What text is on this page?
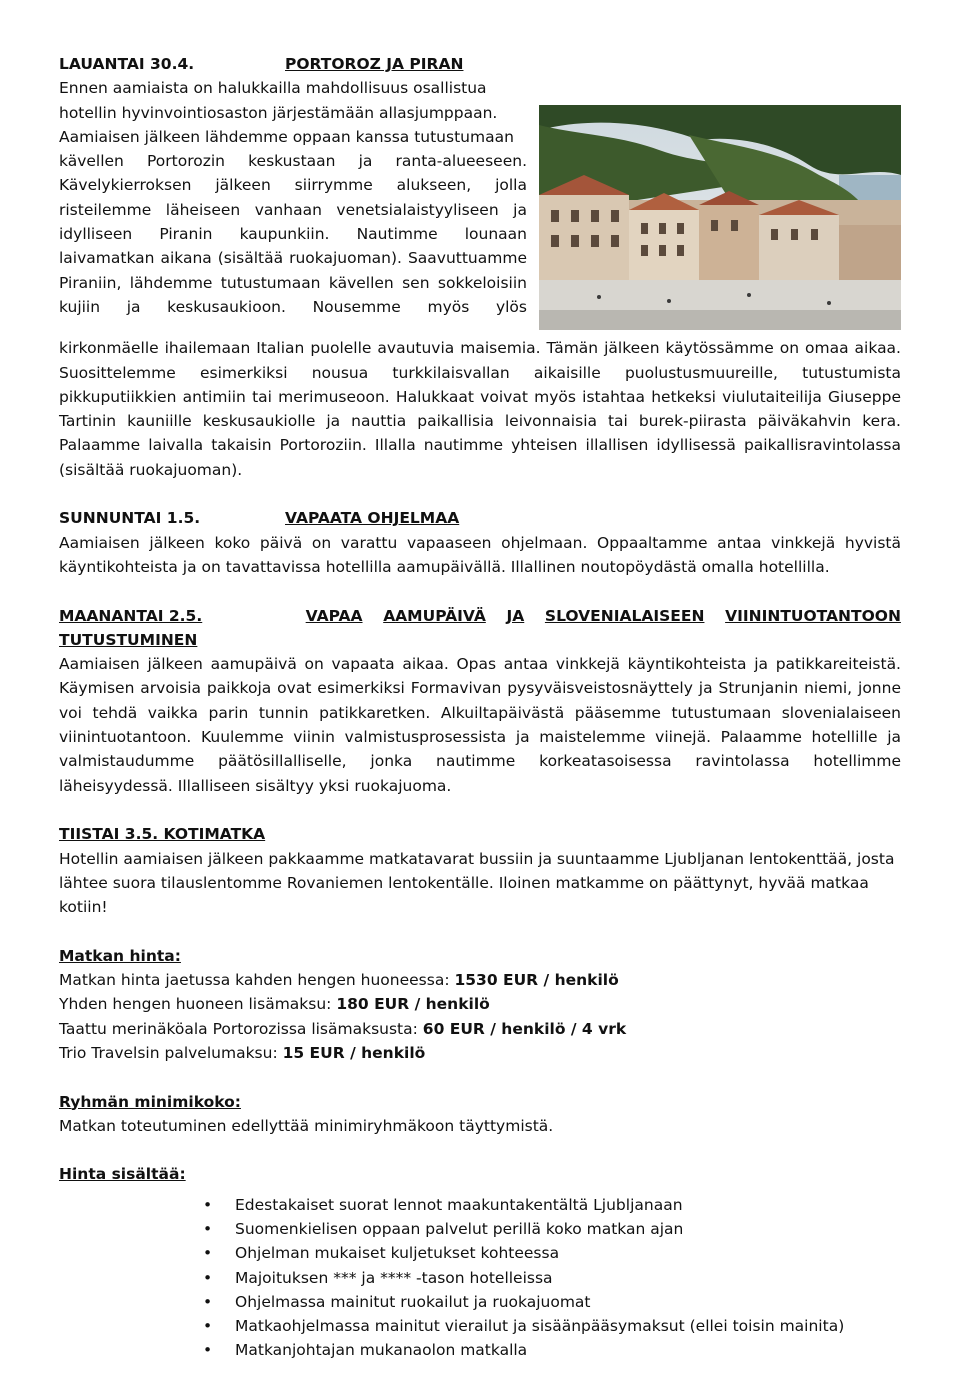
LAUANTAI 30.4.	PORTOROZ JA PIRAN

Ennen aamiaista on halukkailla mahdollisuus osallistua

hotellin hyvinvointiosaston järjestämään allasjumppaan.

Aamiaisen jälkeen lähdemme oppaan kanssa tutustumaan

kävellen Portorozin keskustaan ja ranta-alueeseen.

Kävelykierroksen jälkeen siirrymme alukseen, jolla

risteilemme läheiseen vanhaan venetsialaistyyliseen ja

idylliseen Piranin kaupunkiin. Nautimme lounaan

laivamatkan aikana (sisältää ruokajuoman). Saavuttuamme

Piraniin, lähdemme tutustumaan kävellen sen sokkeloisiin

kujiin ja keskusaukioon. Nousemme myös ylös

kirkonmäelle ihailemaan Italian puolelle avautuvia maisemia. Tämän jälkeen käytössämme on omaa aikaa. Suosittelemme esimerkiksi nousua turkkilaisvallan aikaisille puolustusmuureille, tutustumista pikkuputiikkien antimiin tai merimuseoon. Halukkaat voivat myös istahtaa hetkeksi viulutaiteilija Giuseppe Tartinin kauniille keskusaukiolle ja nauttia paikallisia leivonnaisia tai burek-piirasta päiväkahvin kera. Palaamme laivalla takaisin Portoroziin. Illalla nautimme yhteisen illallisen idyllisessä paikallisravintolassa (sisältää ruokajuoman).

SUNNUNTAI 1.5.	VAPAATA OHJELMAA

Aamiaisen jälkeen koko päivä on varattu vapaaseen ohjelmaan. Oppaaltamme antaa vinkkejä hyvistä käyntikohteista ja on tavattavissa hotellilla aamupäivällä. Illallinen noutopöydästä omalla hotellilla.

MAANANTAI 2.5.	VAPAA AAMUPÄIVÄ JA SLOVENIALAISEEN VIININTUOTANTOON
TUTUSTUMINEN

Aamiaisen jälkeen aamupäivä on vapaata aikaa. Opas antaa vinkkejä käyntikohteista ja patikkareiteistä. Käymisen arvoisia paikkoja ovat esimerkiksi Formavivan pysyväisveistosnäyttely ja Strunjanin niemi, jonne voi tehdä vaikka parin tunnin patikkaretken. Alkuiltapäivästä pääsemme tutustumaan slovenialaiseen viinintuotantoon. Kuulemme viinin valmistusprosessista ja maistelemme viinejä. Palaamme hotellille ja valmistaudumme päätösillalliselle, jonka nautimme korkeatasoisessa ravintolassa hotellimme läheisyydessä. Illalliseen sisältyy yksi ruokajuoma.

TIISTAI 3.5. KOTIMATKA

Hotellin aamiaisen jälkeen pakkaamme matkatavarat bussiin ja suuntaamme Ljubljanan lentokenttää, josta

lähtee suora tilauslentomme Rovaniemen lentokentälle. Iloinen matkamme on päättynyt, hyvää matkaa

kotiin!

Matkan hinta:

Matkan hinta jaetussa kahden hengen huoneessa: 1530 EUR / henkilö

Yhden hengen huoneen lisämaksu: 180 EUR / henkilö

Taattu merinäköala Portorozissa lisämaksusta: 60 EUR / henkilö / 4 vrk

Trio Travelsin palvelumaksu: 15 EUR / henkilö

Ryhmän minimikoko:

Matkan toteutuminen edellyttää minimiryhmäkoon täyttymistä.

Hinta sisältää:
• Edestakaiset suorat lennot maakuntakentältä Ljubljanaan
• Suomenkielisen oppaan palvelut perillä koko matkan ajan
• Ohjelman mukaiset kuljetukset kohteessa
• Majoituksen *** ja **** -tason hotelleissa
• Ohjelmassa mainitut ruokailut ja ruokajuomat
• Matkaohjelmassa mainitut vierailut ja sisäänpääsymaksut (ellei toisin mainita)
• Matkanjohtajan mukanaolon matkalla
